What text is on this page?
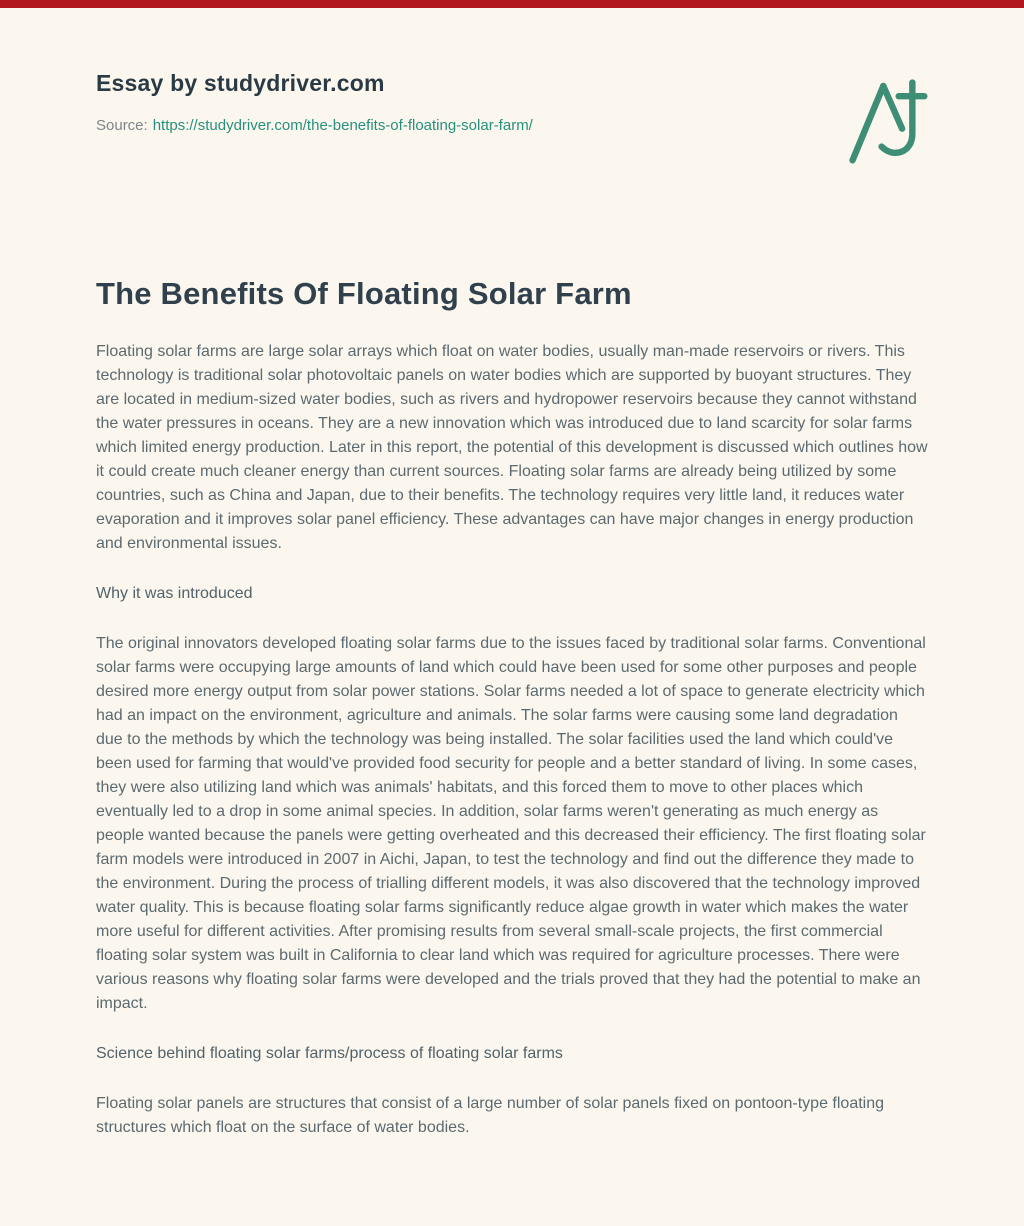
Essay by studydriver.com

Source: https://studydriver.com/the-benefits-of-floating-solar-farm/

The Benefits Of Floating Solar Farm

Floating solar farms are large solar arrays which float on water bodies, usually man-made reservoirs or rivers. This technology is traditional solar photovoltaic panels on water bodies which are supported by buoyant structures. They are located in medium-sized water bodies, such as rivers and hydropower reservoirs because they cannot withstand the water pressures in oceans. They are a new innovation which was introduced due to land scarcity for solar farms which limited energy production. Later in this report, the potential of this development is discussed which outlines how it could create much cleaner energy than current sources. Floating solar farms are already being utilized by some countries, such as China and Japan, due to their benefits. The technology requires very little land, it reduces water evaporation and it improves solar panel efficiency. These advantages can have major changes in energy production and environmental issues.

Why it was introduced

The original innovators developed floating solar farms due to the issues faced by traditional solar farms. Conventional solar farms were occupying large amounts of land which could have been used for some other purposes and people desired more energy output from solar power stations. Solar farms needed a lot of space to generate electricity which had an impact on the environment, agriculture and animals. The solar farms were causing some land degradation due to the methods by which the technology was being installed. The solar facilities used the land which could've been used for farming that would've provided food security for people and a better standard of living. In some cases, they were also utilizing land which was animals' habitats, and this forced them to move to other places which eventually led to a drop in some animal species. In addition, solar farms weren't generating as much energy as people wanted because the panels were getting overheated and this decreased their efficiency. The first floating solar farm models were introduced in 2007 in Aichi, Japan, to test the technology and find out the difference they made to the environment. During the process of trialling different models, it was also discovered that the technology improved water quality. This is because floating solar farms significantly reduce algae growth in water which makes the water more useful for different activities. After promising results from several small-scale projects, the first commercial floating solar system was built in California to clear land which was required for agriculture processes. There were various reasons why floating solar farms were developed and the trials proved that they had the potential to make an impact.

Science behind floating solar farms/process of floating solar farms

Floating solar panels are structures that consist of a large number of solar panels fixed on pontoon-type floating structures which float on the surface of water bodies.
